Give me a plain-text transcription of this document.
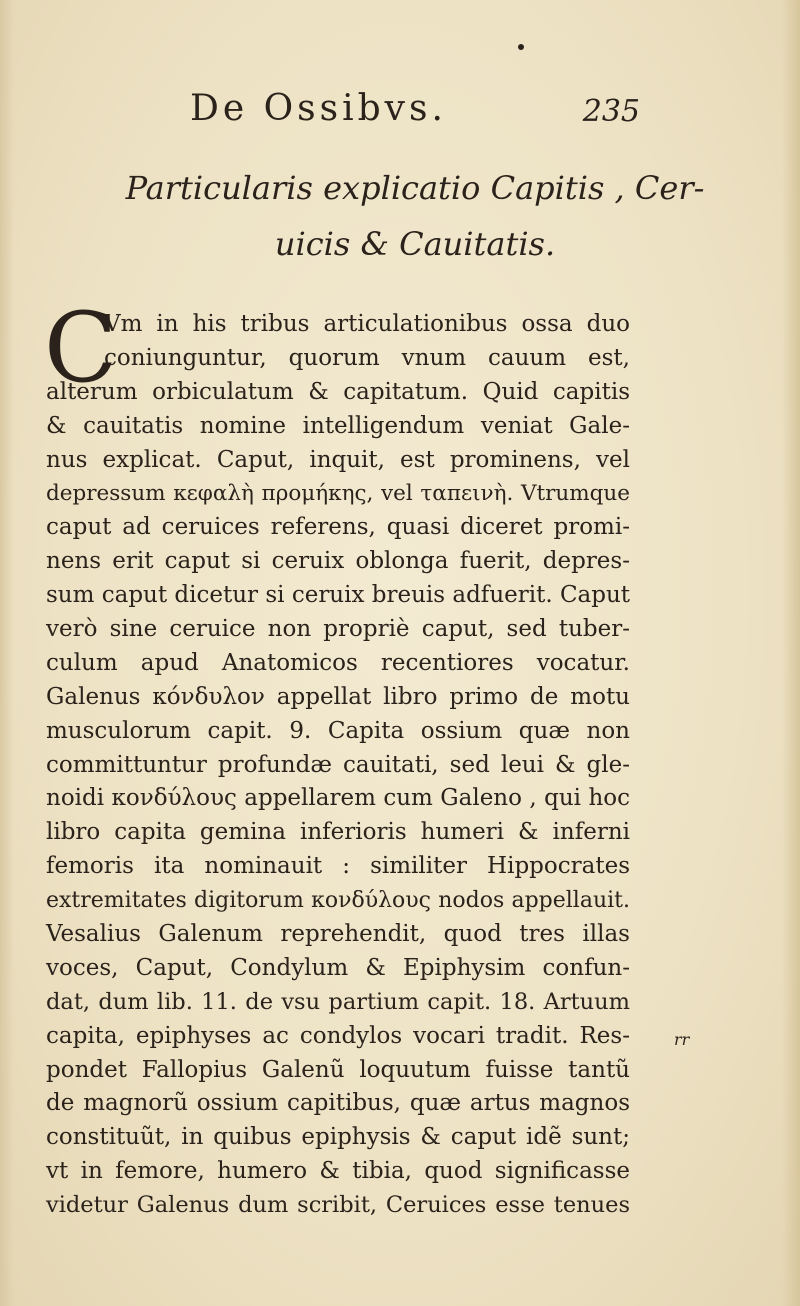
De Ossibvs.	235
Particularis explicatio Capitis , Cer-
uicis & Cauitatis.
C
Vm in his tribus articulationibus ossa duo
coniunguntur, quorum vnum cauum est,
alterum orbiculatum & capitatum. Quid capitis
& cauitatis nomine intelligendum veniat Gale-
nus explicat. Caput, inquit, est prominens, vel
depressum κεφαλὴ προμήκης, vel ταπεινὴ. Vtrumque
caput ad ceruices referens, quasi diceret promi-
nens erit caput si ceruix oblonga fuerit, depres-
sum caput dicetur si ceruix breuis adfuerit. Caput
verò sine ceruice non propriè caput, sed tuber-
culum apud Anatomicos recentiores vocatur.
Galenus κόνδυλον appellat libro primo de motu
musculorum capit. 9. Capita ossium quæ non
committuntur profundæ cauitati, sed leui & gle-
noidi κονδύλους appellarem cum Galeno , qui hoc
libro capita gemina inferioris humeri & inferni
femoris ita nominauit : similiter Hippocrates
extremitates digitorum κονδύλους nodos appellauit.
Vesalius Galenum reprehendit, quod tres illas
voces, Caput, Condylum & Epiphysim confun-
dat, dum lib. 11. de vsu partium capit. 18. Artuum
capita, epiphyses ac condylos vocari tradit. Res-
pondet Fallopius Galenũ loquutum fuisse tantũ
de magnorũ ossium capitibus, quæ artus magnos
constituũt, in quibus epiphysis & caput idẽ sunt;
vt in femore, humero & tibia, quod significasse
videtur Galenus dum scribit, Ceruices esse tenues
rr
